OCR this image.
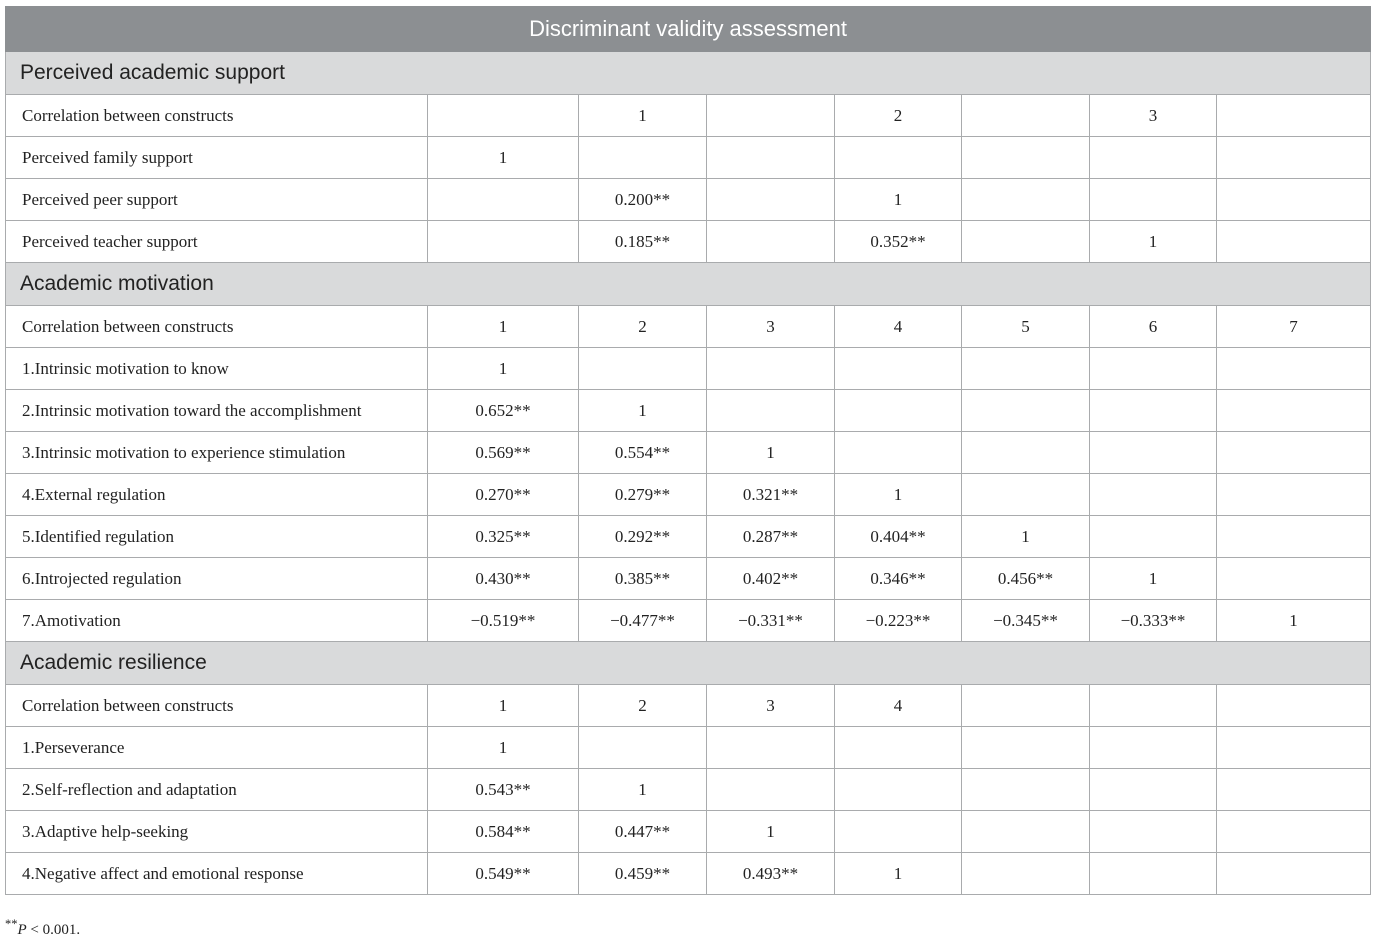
Discriminant validity assessment							
Perceived academic support							
Correlation between constructs		1		2		3	
Perceived family support	1						
Perceived peer support		0.200**		1			
Perceived teacher support		0.185**		0.352**		1	
Academic motivation							
Correlation between constructs	1	2	3	4	5	6	7
1.Intrinsic motivation to know	1						
2.Intrinsic motivation toward the accomplishment	0.652**	1					
3.Intrinsic motivation to experience stimulation	0.569**	0.554**	1				
4.External regulation	0.270**	0.279**	0.321**	1			
5.Identified regulation	0.325**	0.292**	0.287**	0.404**	1		
6.Introjected regulation	0.430**	0.385**	0.402**	0.346**	0.456**	1	
7.Amotivation	−0.519**	−0.477**	−0.331**	−0.223**	−0.345**	−0.333**	1
Academic resilience							
Correlation between constructs	1	2	3	4			
1.Perseverance	1						
2.Self-reflection and adaptation	0.543**	1					
3.Adaptive help-seeking	0.584**	0.447**	1				
4.Negative affect and emotional response	0.549**	0.459**	0.493**	1			
**P < 0.001.
